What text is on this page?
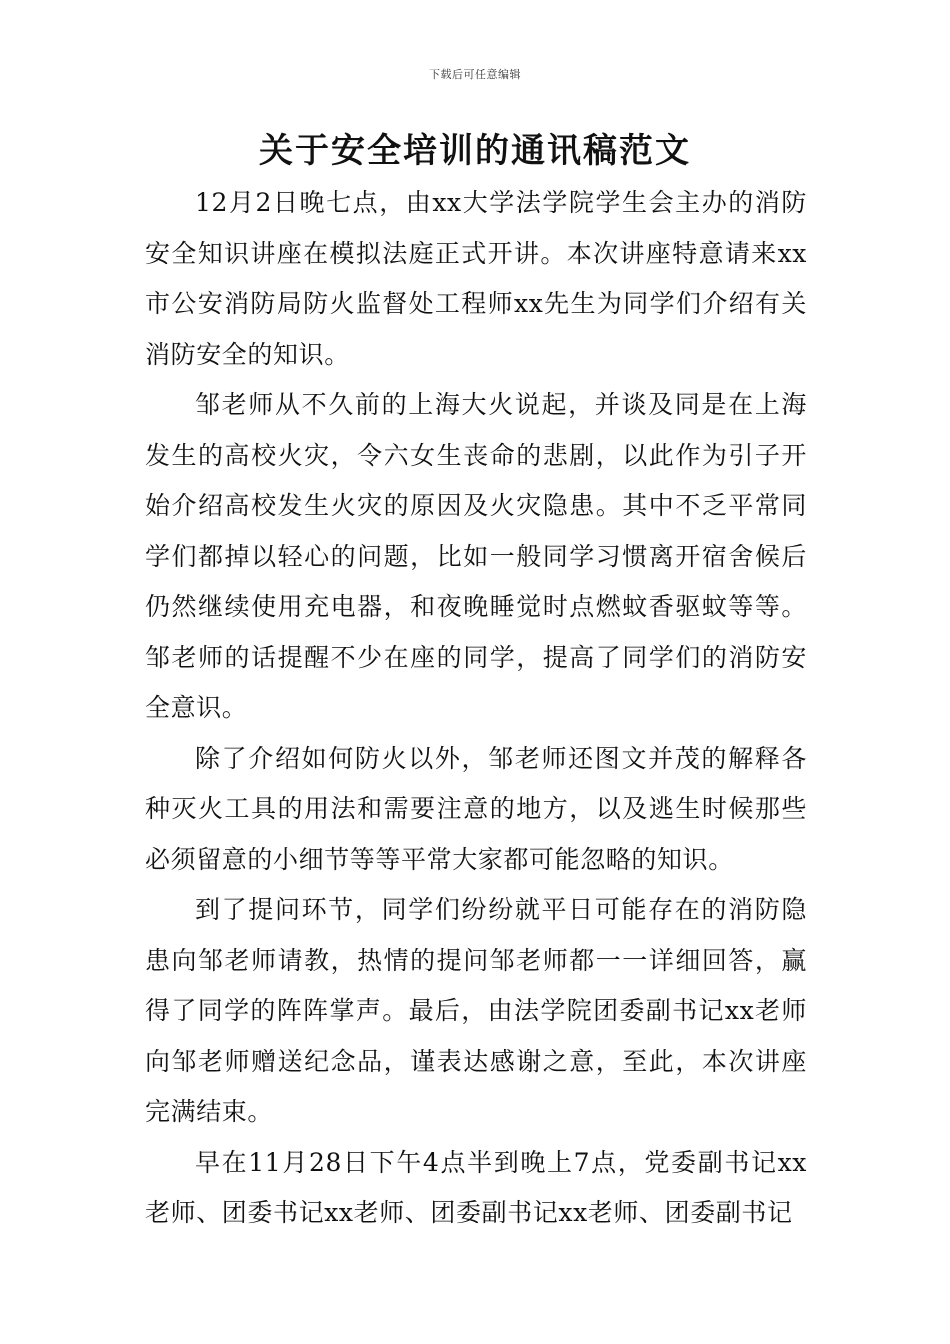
下载后可任意编辑
关于安全培训的通讯稿范文

12月2日晚七点，由xx大学法学院学生会主办的消防安全知识讲座在模拟法庭正式开讲。本次讲座特意请来xx市公安消防局防火监督处工程师xx先生为同学们介绍有关消防安全的知识。

邹老师从不久前的上海大火说起，并谈及同是在上海发生的高校火灾，令六女生丧命的悲剧，以此作为引子开始介绍高校发生火灾的原因及火灾隐患。其中不乏平常同学们都掉以轻心的问题，比如一般同学习惯离开宿舍候后仍然继续使用充电器，和夜晚睡觉时点燃蚊香驱蚊等等。邹老师的话提醒不少在座的同学，提高了同学们的消防安全意识。

除了介绍如何防火以外，邹老师还图文并茂的解释各种灭火工具的用法和需要注意的地方，以及逃生时候那些必须留意的小细节等等平常大家都可能忽略的知识。

到了提问环节，同学们纷纷就平日可能存在的消防隐患向邹老师请教，热情的提问邹老师都一一详细回答，赢得了同学的阵阵掌声。最后，由法学院团委副书记xx老师向邹老师赠送纪念品，谨表达感谢之意，至此，本次讲座完满结束。

早在11月28日下午4点半到晚上7点，党委副书记xx老师、团委书记xx老师、团委副书记xx老师、团委副书记
